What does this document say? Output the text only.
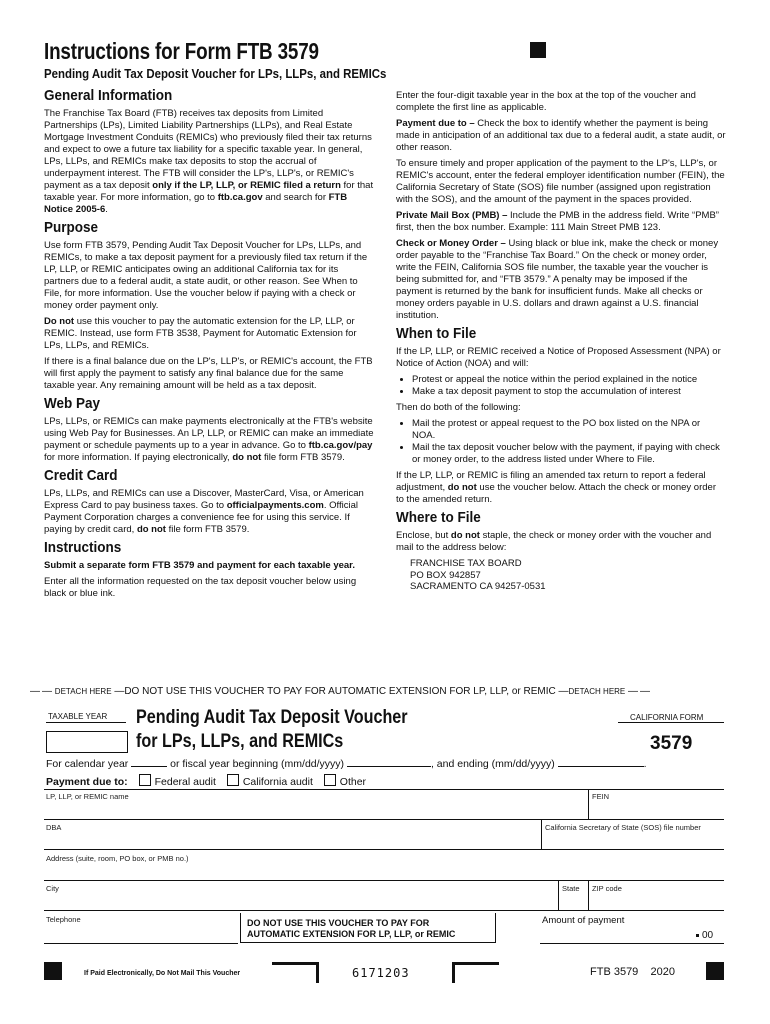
Instructions for Form FTB 3579
Pending Audit Tax Deposit Voucher for LPs, LLPs, and REMICs
General Information

The Franchise Tax Board (FTB) receives tax deposits from Limited Partnerships (LPs), Limited Liability Partnerships (LLPs), and Real Estate Mortgage Investment Conduits (REMICs) who previously filed their tax returns and expect to owe a future tax liability for a specific taxable year. In general, LPs, LLPs, and REMICs make tax deposits to stop the accrual of underpayment interest. The FTB will consider the LP's, LLP's, or REMIC's payment as a tax deposit only if the LP, LLP, or REMIC filed a return for that taxable year. For more information, go to ftb.ca.gov and search for FTB Notice 2005-6.

Purpose

Use form FTB 3579, Pending Audit Tax Deposit Voucher for LPs, LLPs, and REMICs, to make a tax deposit payment for a previously filed tax return if the LP, LLP, or REMIC anticipates owing an additional California tax for its partners due to a federal audit, a state audit, or other reason. See When to File, for more information. Use the voucher below if paying with a check or money order payment only.

Do not use this voucher to pay the automatic extension for the LP, LLP, or REMIC. Instead, use form FTB 3538, Payment for Automatic Extension for LPs, LLPs, and REMICs.

If there is a final balance due on the LP's, LLP's, or REMIC's account, the FTB will first apply the payment to satisfy any final balance due for the same taxable year. Any remaining amount will be held as a tax deposit.

Web Pay

LPs, LLPs, or REMICs can make payments electronically at the FTB's website using Web Pay for Businesses. An LP, LLP, or REMIC can make an immediate payment or schedule payments up to a year in advance. Go to ftb.ca.gov/pay for more information. If paying electronically, do not file form FTB 3579.

Credit Card

LPs, LLPs, and REMICs can use a Discover, MasterCard, Visa, or American Express Card to pay business taxes. Go to officialpayments.com. Official Payment Corporation charges a convenience fee for using this service. If paying by credit card, do not file form FTB 3579.

Instructions

Submit a separate form FTB 3579 and payment for each taxable year.

Enter all the information requested on the tax deposit voucher below using black or blue ink.

Enter the four-digit taxable year in the box at the top of the voucher and complete the first line as applicable.

Payment due to – Check the box to identify whether the payment is being made in anticipation of an additional tax due to a federal audit, a state audit, or other reason.

To ensure timely and proper application of the payment to the LP's, LLP's, or REMIC's account, enter the federal employer identification number (FEIN), the California Secretary of State (SOS) file number (assigned upon registration with the SOS), and the amount of the payment in the spaces provided.

Private Mail Box (PMB) – Include the PMB in the address field. Write “PMB” first, then the box number. Example: 111 Main Street PMB 123.

Check or Money Order – Using black or blue ink, make the check or money order payable to the “Franchise Tax Board.” On the check or money order, write the FEIN, California SOS file number, the taxable year the voucher is being submitted for, and “FTB 3579.” A penalty may be imposed if the payment is returned by the bank for insufficient funds. Make all checks or money orders payable in U.S. dollars and drawn against a U.S. financial institution.

When to File

If the LP, LLP, or REMIC received a Notice of Proposed Assessment (NPA) or Notice of Action (NOA) and will:

• Protest or appeal the notice within the period explained in the notice
• Make a tax deposit payment to stop the accumulation of interest

Then do both of the following:

• Mail the protest or appeal request to the PO box listed on the NPA or NOA.
• Mail the tax deposit voucher below with the payment, if paying with check or money order, to the address listed under Where to File.

If the LP, LLP, or REMIC is filing an amended tax return to report a federal adjustment, do not use the voucher below. Attach the check or money order to the amended return.

Where to File

Enclose, but do not staple, the check or money order with the voucher and mail to the address below:

FRANCHISE TAX BOARD
PO BOX 942857
SACRAMENTO CA 94257-0531
— — DETACH HERE —DO NOT USE THIS VOUCHER TO PAY FOR AUTOMATIC EXTENSION FOR LP, LLP, or REMIC —DETACH HERE — —
TAXABLE YEAR Pending Audit Tax Deposit Voucher
for LPs, LLPs, and REMICs
CALIFORNIA FORM
3579
For calendar year	or fiscal year beginning (mm/dd/yyyy)	, and ending (mm/dd/yyyy)	.
Payment due to:	Federal audit	California audit	Other
LP, LLP, or REMIC name	FEIN
DBA	California Secretary of State (SOS) file number
Address (suite, room, PO box, or PMB no.)
City	State ZIP code
Telephone	DO NOT USE THIS VOUCHER TO PAY FOR
AUTOMATIC EXTENSION FOR LP, LLP, or REMIC
Amount of payment
00
If Paid Electronically, Do Not Mail This Voucher	6171203	FTB 3579 2020
